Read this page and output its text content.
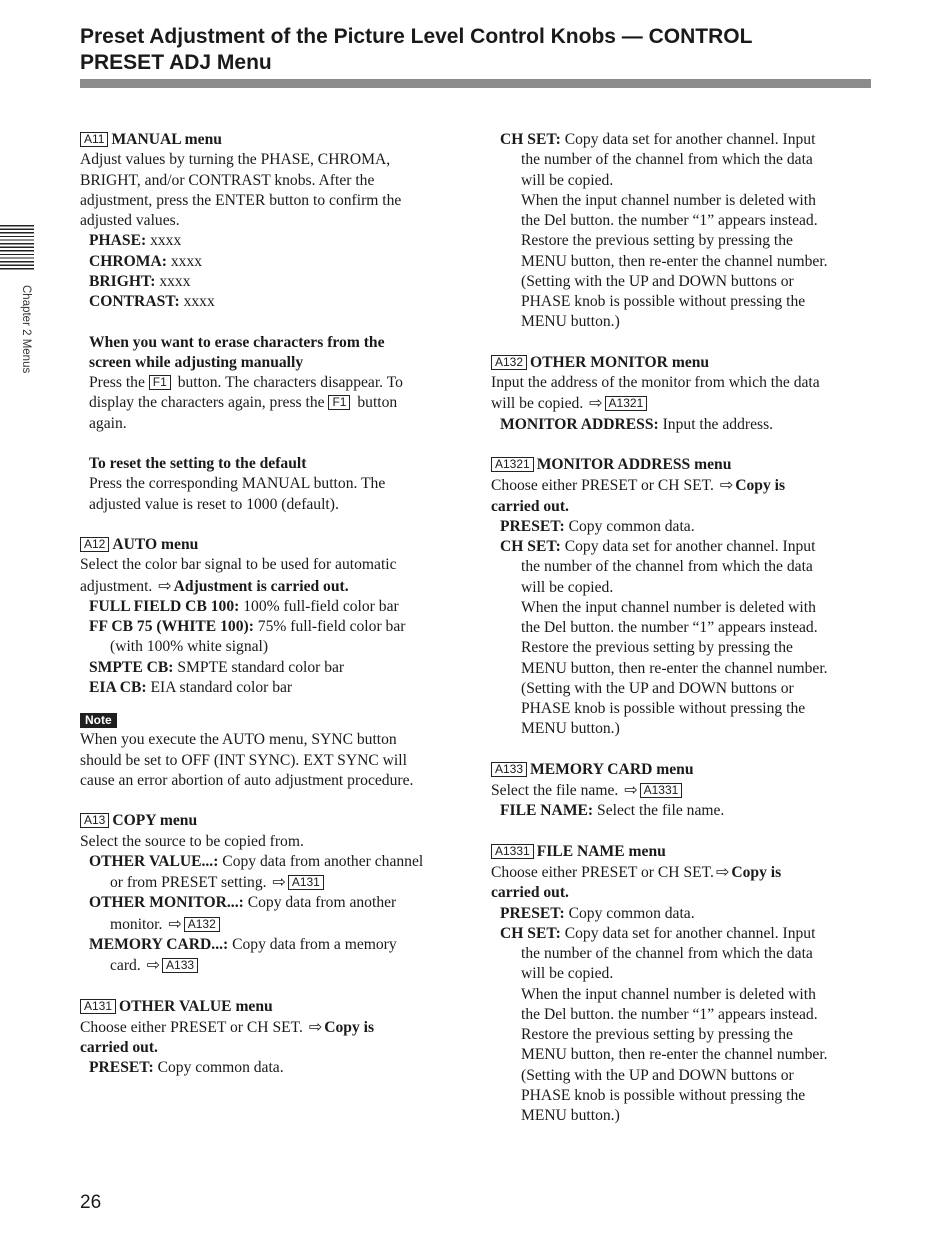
Preset Adjustment of the Picture Level Control Knobs — CONTROL
PRESET ADJ Menu
Chapter 2 Menus
A11 MANUAL menu
Adjust values by turning the PHASE, CHROMA,
BRIGHT, and/or CONTRAST knobs. After the
adjustment, press the ENTER button to confirm the
adjusted values.
PHASE: xxxx
CHROMA: xxxx
BRIGHT: xxxx
CONTRAST: xxxx
When you want to erase characters from the
screen while adjusting manually
Press the F1 button. The characters disappear. To
display the characters again, press the F1 button
again.
To reset the setting to the default
Press the corresponding MANUAL button. The
adjusted value is reset to 1000 (default).
A12 AUTO menu
Select the color bar signal to be used for automatic
adjustment. ⇨ Adjustment is carried out.
FULL FIELD CB 100: 100% full-field color bar
FF CB 75 (WHITE 100): 75% full-field color bar
(with 100% white signal)
SMPTE CB: SMPTE standard color bar
EIA CB: EIA standard color bar
Note
When you execute the AUTO menu, SYNC button
should be set to OFF (INT SYNC). EXT SYNC will
cause an error abortion of auto adjustment procedure.
A13 COPY menu
Select the source to be copied from.
OTHER VALUE...: Copy data from another channel
or from PRESET setting. ⇨ A131
OTHER MONITOR...: Copy data from another
monitor. ⇨ A132
MEMORY CARD...: Copy data from a memory
card. ⇨ A133
A131 OTHER VALUE menu
Choose either PRESET or CH SET. ⇨ Copy is
carried out.
PRESET: Copy common data.
CH SET: Copy data set for another channel. Input
the number of the channel from which the data
will be copied.
When the input channel number is deleted with
the Del button. the number “1” appears instead.
Restore the previous setting by pressing the
MENU button, then re-enter the channel number.
(Setting with the UP and DOWN buttons or
PHASE knob is possible without pressing the
MENU button.)
A132 OTHER MONITOR menu
Input the address of the monitor from which the data
will be copied. ⇨ A1321
MONITOR ADDRESS: Input the address.
A1321 MONITOR ADDRESS menu
Choose either PRESET or CH SET. ⇨ Copy is
carried out.
PRESET: Copy common data.
CH SET: Copy data set for another channel. Input
the number of the channel from which the data
will be copied.
When the input channel number is deleted with
the Del button. the number “1” appears instead.
Restore the previous setting by pressing the
MENU button, then re-enter the channel number.
(Setting with the UP and DOWN buttons or
PHASE knob is possible without pressing the
MENU button.)
A133 MEMORY CARD menu
Select the file name. ⇨ A1331
FILE NAME: Select the file name.
A1331 FILE NAME menu
Choose either PRESET or CH SET. ⇨ Copy is
carried out.
PRESET: Copy common data.
CH SET: Copy data set for another channel. Input
the number of the channel from which the data
will be copied.
When the input channel number is deleted with
the Del button. the number “1” appears instead.
Restore the previous setting by pressing the
MENU button, then re-enter the channel number.
(Setting with the UP and DOWN buttons or
PHASE knob is possible without pressing the
MENU button.)
26
